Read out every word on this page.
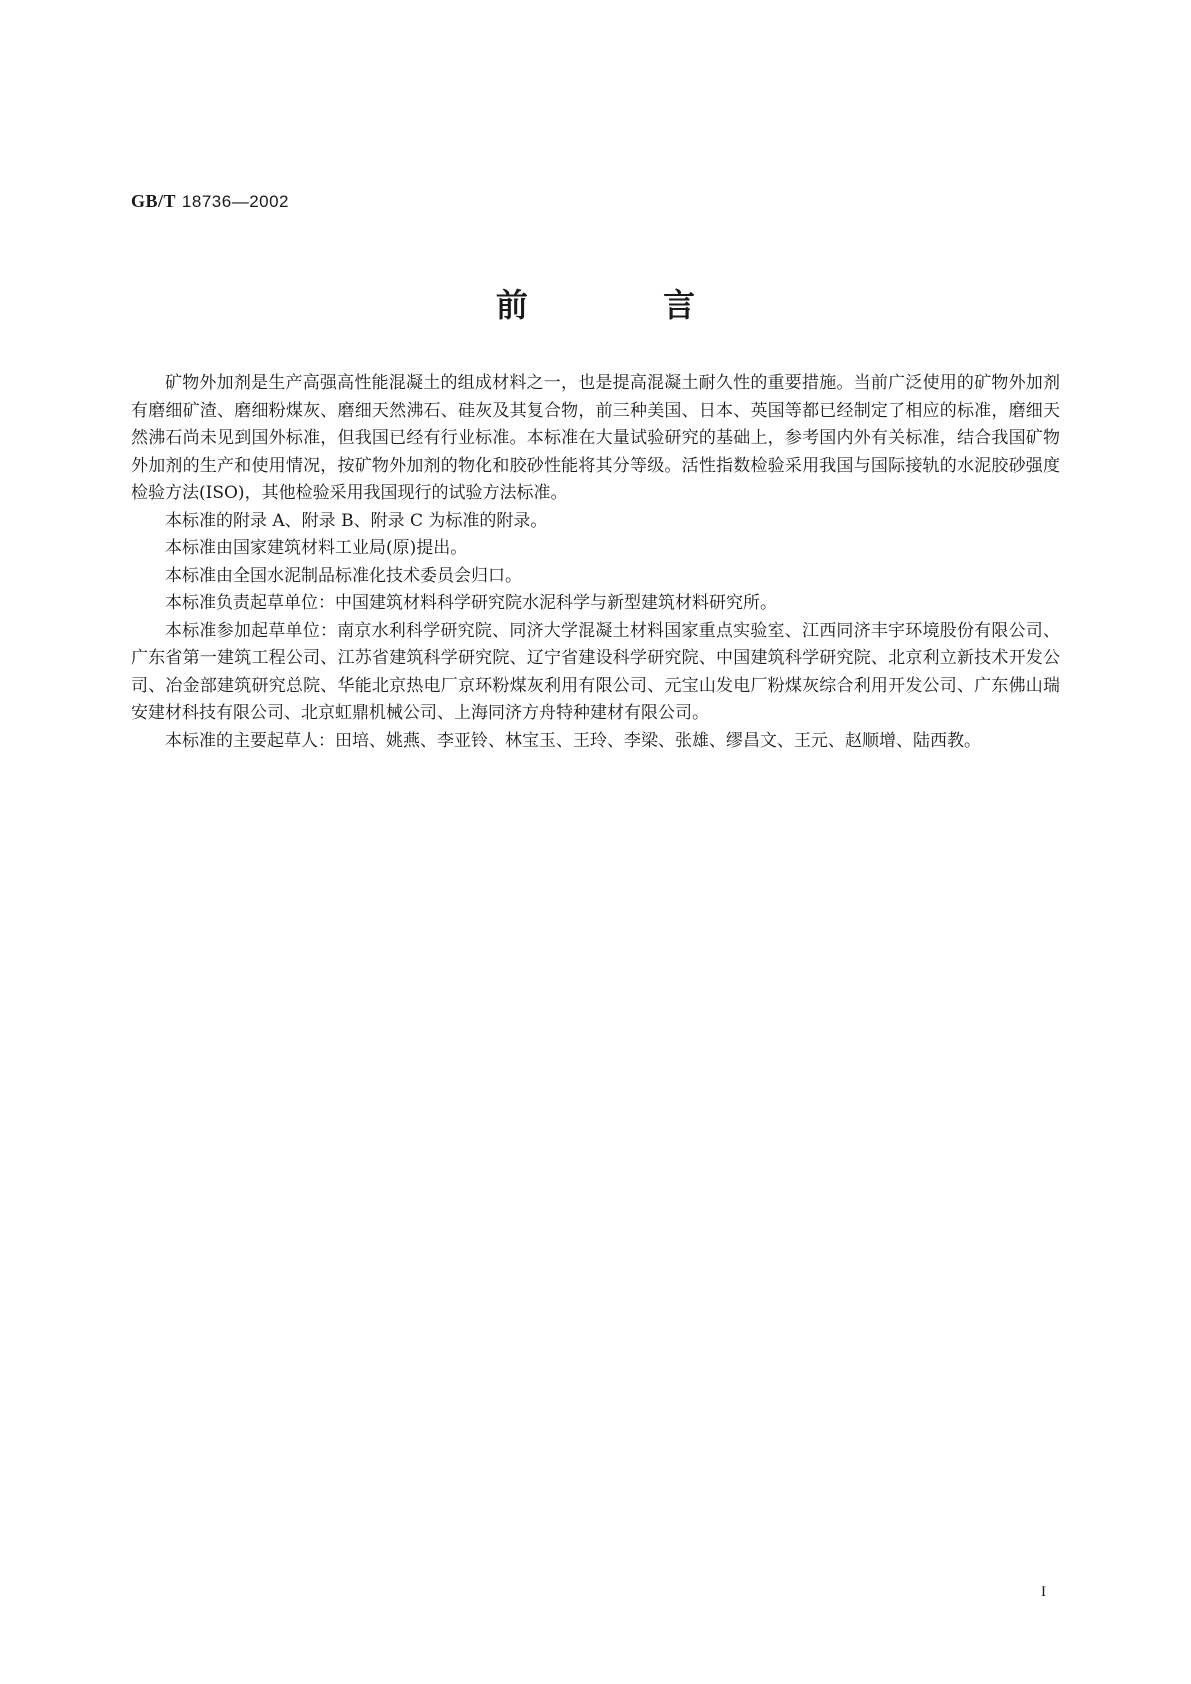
GB/T 18736—2002
前 言

矿物外加剂是生产高强高性能混凝土的组成材料之一，也是提高混凝土耐久性的重要措施。当前广泛使用的矿物外加剂有磨细矿渣、磨细粉煤灰、磨细天然沸石、硅灰及其复合物，前三种美国、日本、英国等都已经制定了相应的标准，磨细天然沸石尚未见到国外标准，但我国已经有行业标准。本标准在大量试验研究的基础上，参考国内外有关标准，结合我国矿物外加剂的生产和使用情况，按矿物外加剂的物化和胶砂性能将其分等级。活性指数检验采用我国与国际接轨的水泥胶砂强度检验方法(ISO)，其他检验采用我国现行的试验方法标准。

本标准的附录 A、附录 B、附录 C 为标准的附录。

本标准由国家建筑材料工业局(原)提出。

本标准由全国水泥制品标准化技术委员会归口。

本标准负责起草单位：中国建筑材料科学研究院水泥科学与新型建筑材料研究所。

本标准参加起草单位：南京水利科学研究院、同济大学混凝土材料国家重点实验室、江西同济丰宇环境股份有限公司、广东省第一建筑工程公司、江苏省建筑科学研究院、辽宁省建设科学研究院、中国建筑科学研究院、北京利立新技术开发公司、冶金部建筑研究总院、华能北京热电厂京环粉煤灰利用有限公司、元宝山发电厂粉煤灰综合利用开发公司、广东佛山瑞安建材科技有限公司、北京虹鼎机械公司、上海同济方舟特种建材有限公司。

本标准的主要起草人：田培、姚燕、李亚铃、林宝玉、王玲、李梁、张雄、缪昌文、王元、赵顺增、陆西教。

I
